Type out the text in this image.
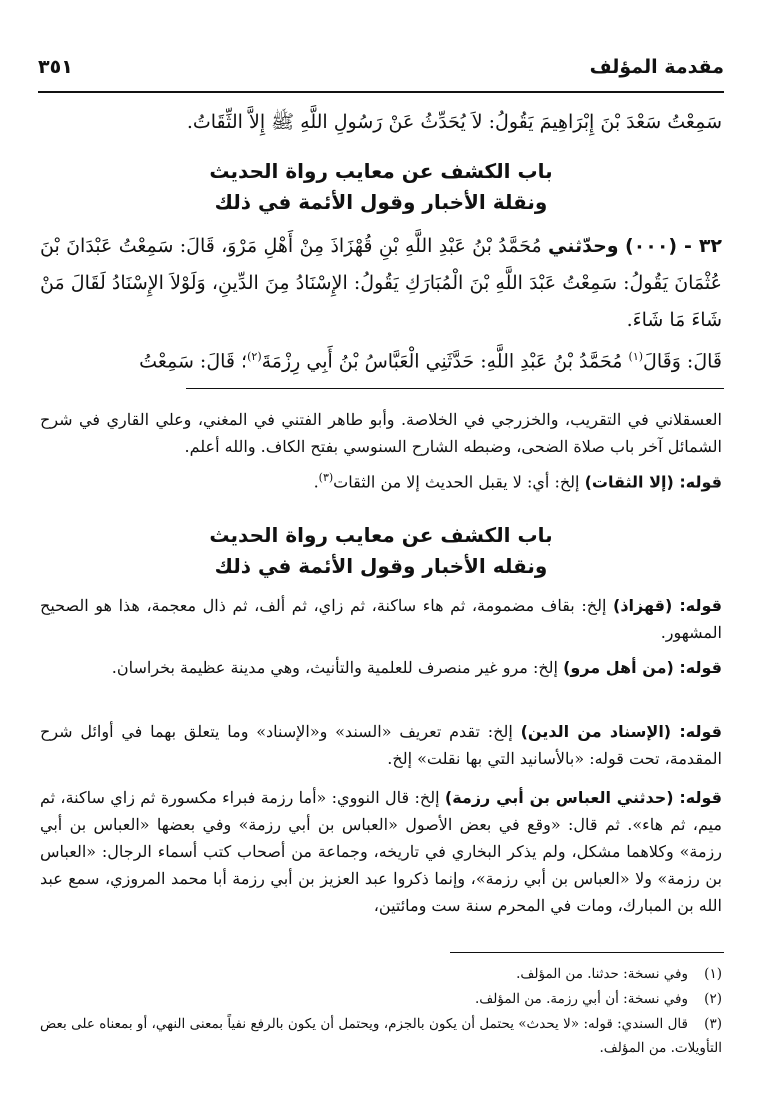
مقدمة المؤلف
٣٥١
سَمِعْتُ سَعْدَ بْنَ إِبْرَاهِيمَ يَقُولُ: لاَ يُحَدِّثُ عَنْ رَسُولِ اللَّهِ ﷺ إِلاَّ الثِّقَاتُ.
باب الكشف عن معايب رواة الحديث
ونقلة الأخبار وقول الأئمة في ذلك
٣٢ - (٠٠٠) وحدّثني مُحَمَّدُ بْنُ عَبْدِ اللَّهِ بْنِ قُهْزَاذَ مِنْ أَهْلِ مَرْوَ، قَالَ: سَمِعْتُ عَبْدَانَ بْنَ عُثْمَانَ يَقُولُ: سَمِعْتُ عَبْدَ اللَّهِ بْنَ الْمُبَارَكِ يَقُولُ: الإِسْنَادُ مِنَ الدِّينِ، وَلَوْلاَ الإِسْنَادُ لَقَالَ مَنْ شَاءَ مَا شَاءَ.
قَالَ: وَقَالَ$^{(١)}$ مُحَمَّدُ بْنُ عَبْدِ اللَّهِ: حَدَّثَنِي الْعَبَّاسُ بْنُ أَبِي رِزْمَةَ$^{(٢)}$؛ قَالَ: سَمِعْتُ
العسقلاني في التقريب، والخزرجي في الخلاصة. وأبو طاهر الفتني في المغني، وعلي القاري في شرح الشمائل آخر باب صلاة الضحى، وضبطه الشارح السنوسي بفتح الكاف. والله أعلم.
قوله: (إلا الثقات) إلخ: أي: لا يقبل الحديث إلا من الثقات$^{(٣)}$.
باب الكشف عن معايب رواة الحديث
ونقله الأخبار وقول الأئمة في ذلك
قوله: (قهزاذ) إلخ: بقاف مضمومة، ثم هاء ساكنة، ثم زاي، ثم ألف، ثم ذال معجمة، هذا هو الصحيح المشهور.
قوله: (من أهل مرو) إلخ: مرو غير منصرف للعلمية والتأنيث، وهي مدينة عظيمة بخراسان.
قوله: (الإسناد من الدين) إلخ: تقدم تعريف «السند» و«الإسناد» وما يتعلق بهما في أوائل شرح المقدمة، تحت قوله: «بالأسانيد التي بها نقلت» إلخ.
قوله: (حدثني العباس بن أبي رزمة) إلخ: قال النووي: «أما رزمة فبراء مكسورة ثم زاي ساكنة، ثم ميم، ثم هاء». ثم قال: «وقع في بعض الأصول «العباس بن أبي رزمة» وفي بعضها «العباس بن أبي رزمة» وكلاهما مشكل، ولم يذكر البخاري في تاريخه، وجماعة من أصحاب كتب أسماء الرجال: «العباس بن رزمة» ولا «العباس بن أبي رزمة»، وإنما ذكروا عبد العزيز بن أبي رزمة أبا محمد المروزي، سمع عبد الله بن المبارك، ومات في المحرم سنة ست ومائتين،
(١)وفي نسخة: حدثنا. من المؤلف.
(٢)وفي نسخة: أن أبي رزمة. من المؤلف.
(٣)قال السندي: قوله: «لا يحدث» يحتمل أن يكون بالجزم، ويحتمل أن يكون بالرفع نفياً بمعنى النهي، أو بمعناه على بعض التأويلات. من المؤلف.
